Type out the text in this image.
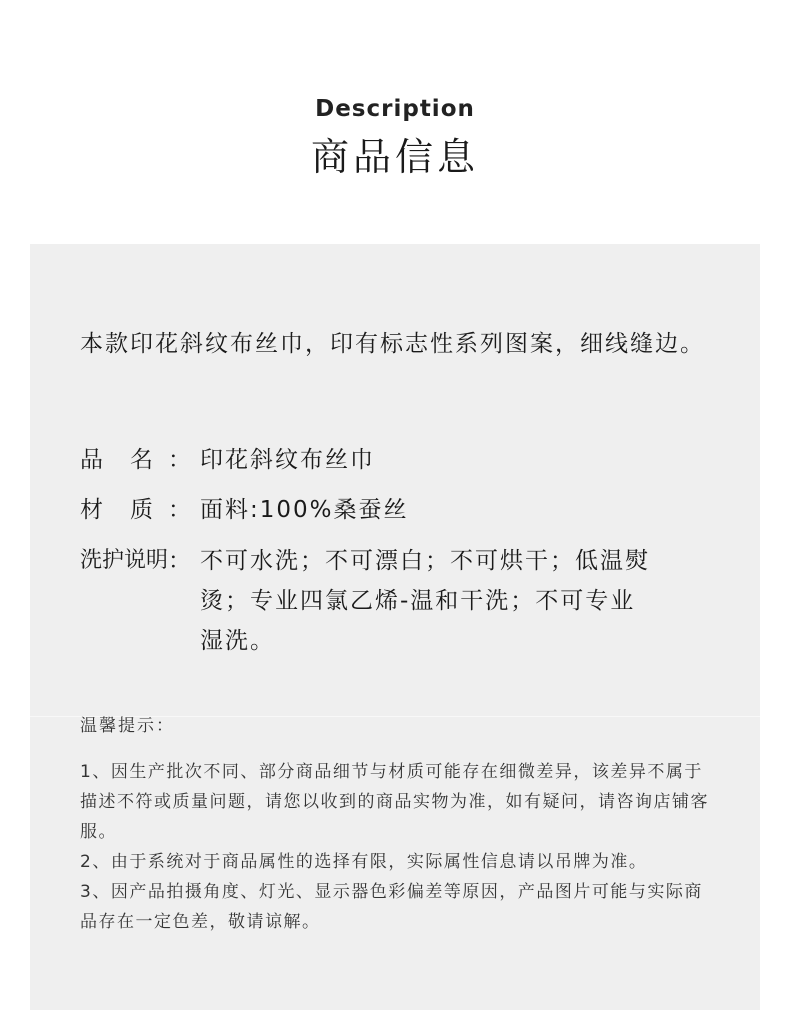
Description
商品信息
本款印花斜纹布丝巾，印有标志性系列图案，细线缝边。
品　名 ： 印花斜纹布丝巾
材　质 ： 面料:100%桑蚕丝
洗护说明 ： 不可水洗；不可漂白；不可烘干；低温熨烫；专业四氯乙烯-温和干洗；不可专业湿洗。
温馨提示：
1、因生产批次不同、部分商品细节与材质可能存在细微差异，该差异不属于描述不符或质量问题，请您以收到的商品实物为准，如有疑问，请咨询店铺客服。
2、由于系统对于商品属性的选择有限，实际属性信息请以吊牌为准。
3、因产品拍摄角度、灯光、显示器色彩偏差等原因，产品图片可能与实际商品存在一定色差，敬请谅解。
